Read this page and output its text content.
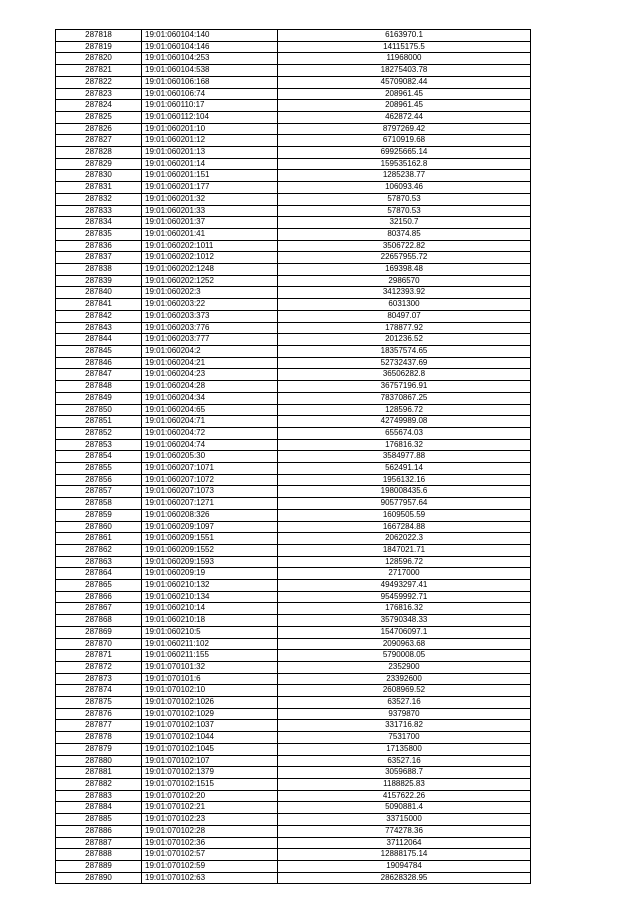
287818	19:01:060104:140	6163970.1
287819	19:01:060104:146	14115175.5
287820	19:01:060104:253	11968000
287821	19:01:060104:538	18275403.78
287822	19:01:060106:168	45709082.44
287823	19:01:060106:74	208961.45
287824	19:01:060110:17	208961.45
287825	19:01:060112:104	462872.44
287826	19:01:060201:10	8797269.42
287827	19:01:060201:12	6710919.68
287828	19:01:060201:13	69925665.14
287829	19:01:060201:14	159535162.8
287830	19:01:060201:151	1285238.77
287831	19:01:060201:177	106093.46
287832	19:01:060201:32	57870.53
287833	19:01:060201:33	57870.53
287834	19:01:060201:37	32150.7
287835	19:01:060201:41	80374.85
287836	19:01:060202:1011	3506722.82
287837	19:01:060202:1012	22657955.72
287838	19:01:060202:1248	169398.48
287839	19:01:060202:1252	2986570
287840	19:01:060202:3	3412393.92
287841	19:01:060203:22	6031300
287842	19:01:060203:373	80497.07
287843	19:01:060203:776	178877.92
287844	19:01:060203:777	201236.52
287845	19:01:060204:2	18357574.65
287846	19:01:060204:21	52732437.69
287847	19:01:060204:23	36506282.8
287848	19:01:060204:28	36757196.91
287849	19:01:060204:34	78370867.25
287850	19:01:060204:65	128596.72
287851	19:01:060204:71	42749989.08
287852	19:01:060204:72	655674.03
287853	19:01:060204:74	176816.32
287854	19:01:060205:30	3584977.88
287855	19:01:060207:1071	562491.14
287856	19:01:060207:1072	1956132.16
287857	19:01:060207:1073	198008435.6
287858	19:01:060207:1271	90577957.64
287859	19:01:060208:326	1609505.59
287860	19:01:060209:1097	1667284.88
287861	19:01:060209:1551	2062022.3
287862	19:01:060209:1552	1847021.71
287863	19:01:060209:1593	128596.72
287864	19:01:060209:19	2717000
287865	19:01:060210:132	49493297.41
287866	19:01:060210:134	95459992.71
287867	19:01:060210:14	176816.32
287868	19:01:060210:18	35790348.33
287869	19:01:060210:5	154706097.1
287870	19:01:060211:102	2090963.68
287871	19:01:060211:155	5790008.05
287872	19:01:070101:32	2352900
287873	19:01:070101:6	23392600
287874	19:01:070102:10	2608969.52
287875	19:01:070102:1026	63527.16
287876	19:01:070102:1029	9379870
287877	19:01:070102:1037	331716.82
287878	19:01:070102:1044	7531700
287879	19:01:070102:1045	17135800
287880	19:01:070102:107	63527.16
287881	19:01:070102:1379	3059688.7
287882	19:01:070102:1515	1188825.83
287883	19:01:070102:20	4157622.26
287884	19:01:070102:21	5090881.4
287885	19:01:070102:23	33715000
287886	19:01:070102:28	774278.36
287887	19:01:070102:36	37112064
287888	19:01:070102:57	12888175.14
287889	19:01:070102:59	19094784
287890	19:01:070102:63	28628328.95
